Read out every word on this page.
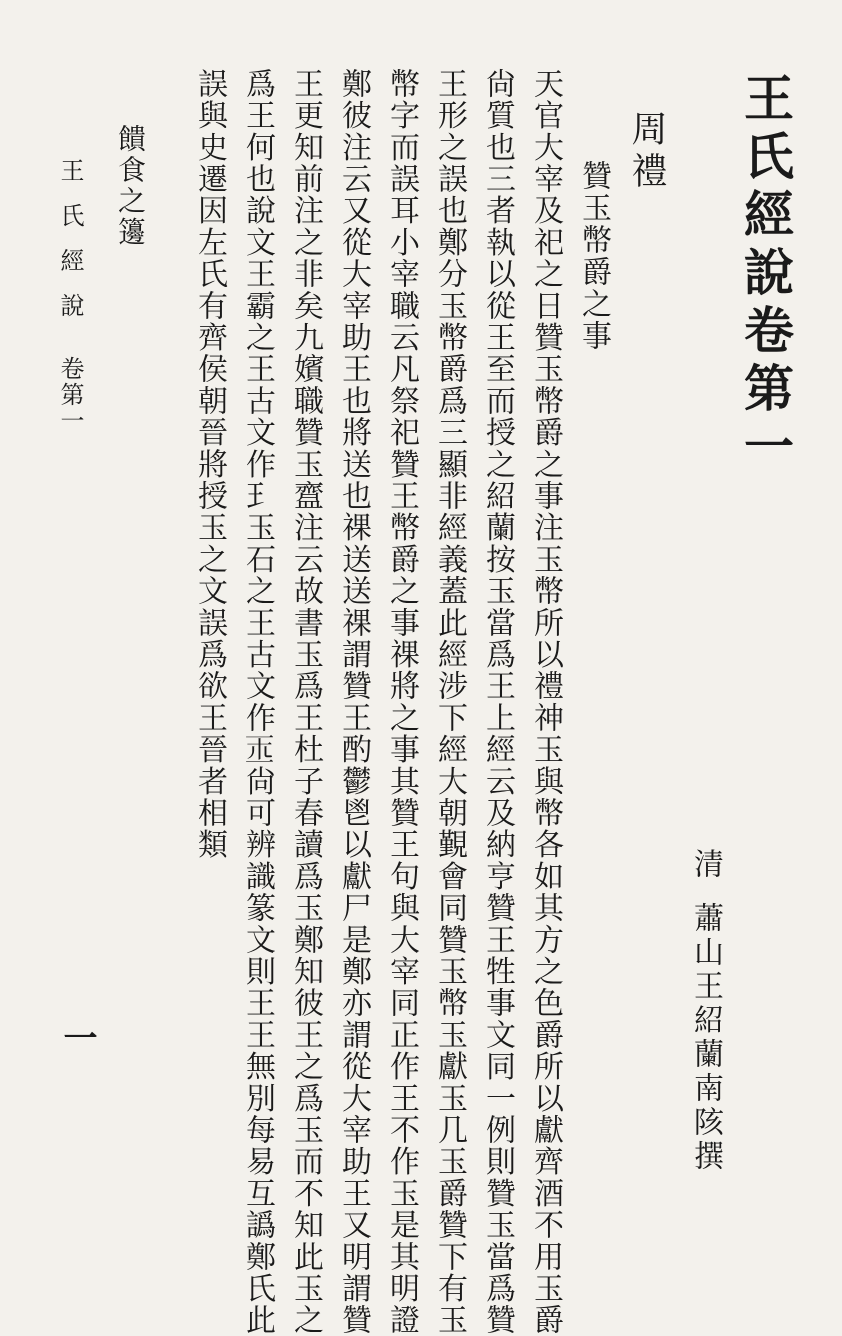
王氏經說卷第一
清蕭山王紹蘭南陔撰
周禮
贊玉幣爵之事
天官大宰及祀之日贊玉幣爵之事注玉幣所以禮神玉與幣各如其方之色爵所以獻齊酒不用玉爵
尙質也三者執以從王至而授之紹蘭按玉當爲王上經云及納亨贊王牲事文同一例則贊玉當爲贊
王形之誤也鄭分玉幣爵爲三顯非經義蓋此經涉下經大朝覲會同贊玉幣玉獻玉几玉爵贊下有玉
幣字而誤耳小宰職云凡祭祀贊王幣爵之事祼將之事其贊王句與大宰同正作王不作玉是其明證
鄭彼注云又從大宰助王也將送也祼送送祼謂贊王酌鬱鬯以獻尸是鄭亦謂從大宰助王又明謂贊
王更知前注之非矣九嬪職贊玉齍注云故書玉爲王杜子春讀爲玉鄭知彼王之爲玉而不知此玉之
爲王何也說文王霸之王古文作𤣩玉石之王古文作𤣪尙可辨識篆文則王王無別每易互譌鄭氏此
誤與史遷因左氏有齊侯朝晉將授玉之文誤爲欲王晉者相類
饋食之籩
王氏經說卷第一
一
